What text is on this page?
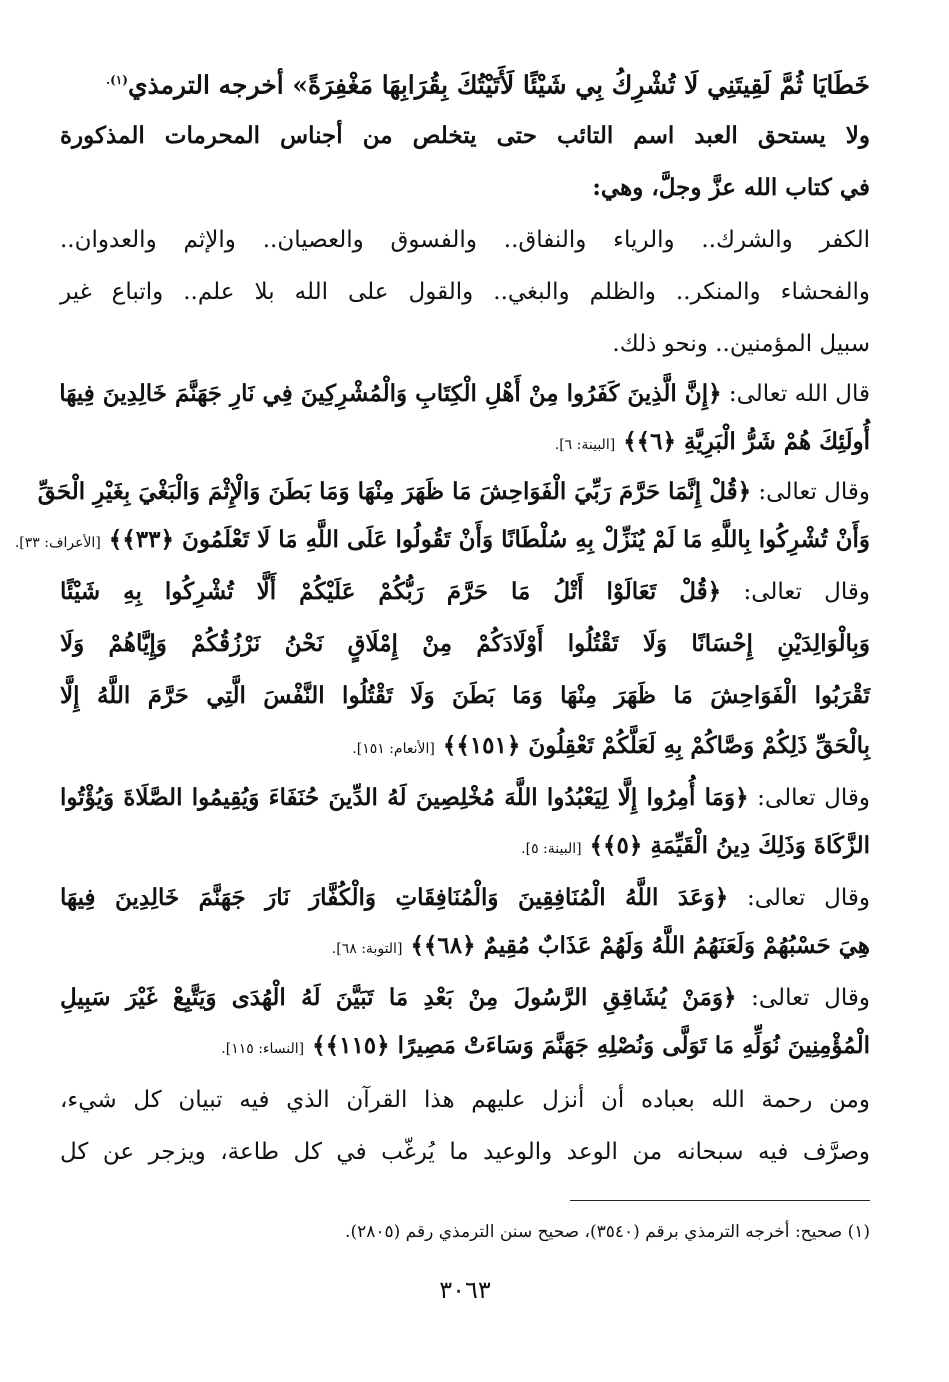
خَطَايَا ثُمَّ لَقِيتَنِي لَا تُشْرِكُ بِي شَيْئًا لَأَتَيْتُكَ بِقُرَابِهَا مَغْفِرَةً» أخرجه الترمذي$^{(١).}$
ولا يستحق العبد اسم التائب حتى يتخلص من أجناس المحرمات المذكورة
في كتاب الله عزَّ وجلَّ، وهي:
الكفر والشرك.. والرياء والنفاق.. والفسوق والعصيان.. والإثم والعدوان..
والفحشاء والمنكر.. والظلم والبغي.. والقول على الله بلا علم.. واتباع غير
سبيل المؤمنين.. ونحو ذلك.
قال الله تعالى: ﴿إِنَّ الَّذِينَ كَفَرُوا مِنْ أَهْلِ الْكِتَابِ وَالْمُشْرِكِينَ فِي نَارِ جَهَنَّمَ خَالِدِينَ فِيهَا
أُولَئِكَ هُمْ شَرُّ الْبَرِيَّةِ ﴿٦﴾﴾ [البينة: ٦].
وقال تعالى: ﴿قُلْ إِنَّمَا حَرَّمَ رَبِّيَ الْفَوَاحِشَ مَا ظَهَرَ مِنْهَا وَمَا بَطَنَ وَالْإِثْمَ وَالْبَغْيَ بِغَيْرِ الْحَقِّ
وَأَنْ تُشْرِكُوا بِاللَّهِ مَا لَمْ يُنَزِّلْ بِهِ سُلْطَانًا وَأَنْ تَقُولُوا عَلَى اللَّهِ مَا لَا تَعْلَمُونَ ﴿٣٣﴾﴾ [الأعراف: ٣٣].
وقال تعالى: ﴿قُلْ تَعَالَوْا أَتْلُ مَا حَرَّمَ رَبُّكُمْ عَلَيْكُمْ أَلَّا تُشْرِكُوا بِهِ شَيْئًا
وَبِالْوَالِدَيْنِ إِحْسَانًا وَلَا تَقْتُلُوا أَوْلَادَكُمْ مِنْ إِمْلَاقٍ نَحْنُ نَرْزُقُكُمْ وَإِيَّاهُمْ وَلَا
تَقْرَبُوا الْفَوَاحِشَ مَا ظَهَرَ مِنْهَا وَمَا بَطَنَ وَلَا تَقْتُلُوا النَّفْسَ الَّتِي حَرَّمَ اللَّهُ إِلَّا
بِالْحَقِّ ذَلِكُمْ وَصَّاكُمْ بِهِ لَعَلَّكُمْ تَعْقِلُونَ ﴿١٥١﴾﴾ [الأنعام: ١٥١].
وقال تعالى: ﴿وَمَا أُمِرُوا إِلَّا لِيَعْبُدُوا اللَّهَ مُخْلِصِينَ لَهُ الدِّينَ حُنَفَاءَ وَيُقِيمُوا الصَّلَاةَ وَيُؤْتُوا
الزَّكَاةَ وَذَلِكَ دِينُ الْقَيِّمَةِ ﴿٥﴾﴾ [البينة: ٥].
وقال تعالى: ﴿وَعَدَ اللَّهُ الْمُنَافِقِينَ وَالْمُنَافِقَاتِ وَالْكُفَّارَ نَارَ جَهَنَّمَ خَالِدِينَ فِيهَا
هِيَ حَسْبُهُمْ وَلَعَنَهُمُ اللَّهُ وَلَهُمْ عَذَابٌ مُقِيمٌ ﴿٦٨﴾﴾ [التوبة: ٦٨].
وقال تعالى: ﴿وَمَنْ يُشَاقِقِ الرَّسُولَ مِنْ بَعْدِ مَا تَبَيَّنَ لَهُ الْهُدَى وَيَتَّبِعْ غَيْرَ سَبِيلِ
الْمُؤْمِنِينَ نُوَلِّهِ مَا تَوَلَّى وَنُصْلِهِ جَهَنَّمَ وَسَاءَتْ مَصِيرًا ﴿١١٥﴾﴾ [النساء: ١١٥].
ومن رحمة الله بعباده أن أنزل عليهم هذا القرآن الذي فيه تبيان كل شيء،
وصرَّف فيه سبحانه من الوعد والوعيد ما يُرغّب في كل طاعة، ويزجر عن كل
(١) صحيح: أخرجه الترمذي برقم (٣٥٤٠)، صحيح سنن الترمذي رقم (٢٨٠٥).
٣٠٦٣
